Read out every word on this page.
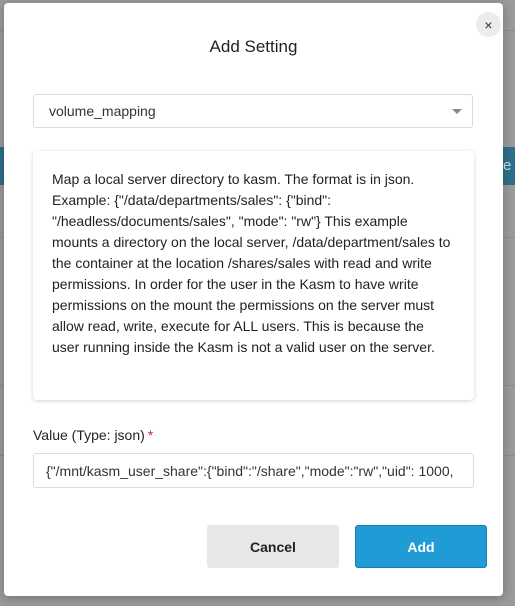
e
×
Add Setting
volume_mapping

Map a local server directory to kasm. The format is in json. Example: {"/data/departments/sales": {"bind": "/headless/documents/sales", "mode": "rw"} This example mounts a directory on the local server, /data/department/sales to the container at the location /shares/sales with read and write permissions. In order for the user in the Kasm to have write permissions on the mount the permissions on the server must allow read, write, execute for ALL users. This is because the user running inside the Kasm is not a valid user on the server.

Value (Type: json) *
{"/mnt/kasm_user_share":{"bind":"/share","mode":"rw","uid": 1000,
Cancel	Add
